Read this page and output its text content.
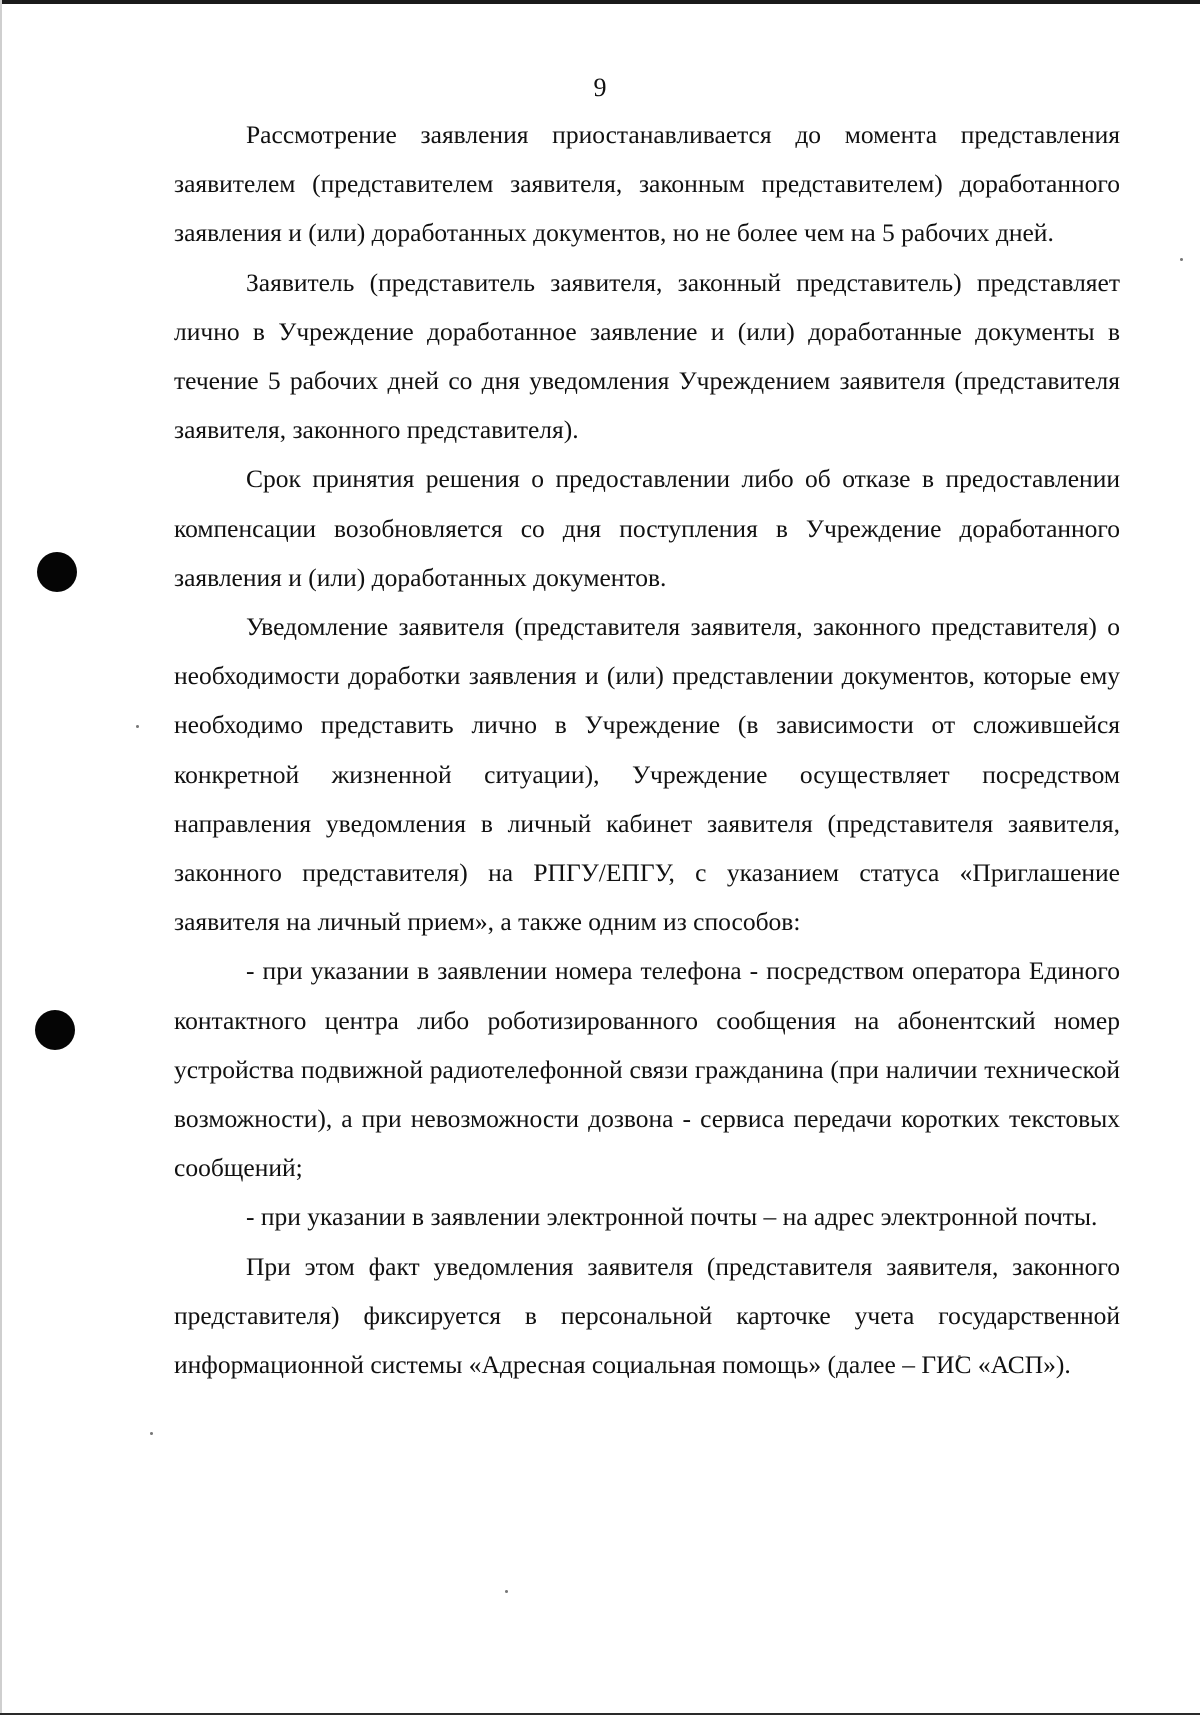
9

Рассмотрение заявления приостанавливается до момента представления заявителем (представителем заявителя, законным представителем) доработанного заявления и (или) доработанных документов, но не более чем на 5 рабочих дней.

Заявитель (представитель заявителя, законный представитель) представляет лично в Учреждение доработанное заявление и (или) доработанные документы в течение 5 рабочих дней со дня уведомления Учреждением заявителя (представителя заявителя, законного представителя).

Срок принятия решения о предоставлении либо об отказе в предоставлении компенсации возобновляется со дня поступления в Учреждение доработанного заявления и (или) доработанных документов.

Уведомление заявителя (представителя заявителя, законного представителя) о необходимости доработки заявления и (или) представлении документов, которые ему необходимо представить лично в Учреждение (в зависимости от сложившейся конкретной жизненной ситуации), Учреждение осуществляет посредством направления уведомления в личный кабинет заявителя (представителя заявителя, законного представителя) на РПГУ/ЕПГУ, с указанием статуса «Приглашение заявителя на личный прием», а также одним из способов:

- при указании в заявлении номера телефона - посредством оператора Единого контактного центра либо роботизированного сообщения на абонентский номер устройства подвижной радиотелефонной связи гражданина (при наличии технической возможности), а при невозможности дозвона - сервиса передачи коротких текстовых сообщений;

- при указании в заявлении электронной почты – на адрес электронной почты.

При этом факт уведомления заявителя (представителя заявителя, законного представителя) фиксируется в персональной карточке учета государственной информационной системы «Адресная социальная помощь» (далее – ГИС «АСП»).
